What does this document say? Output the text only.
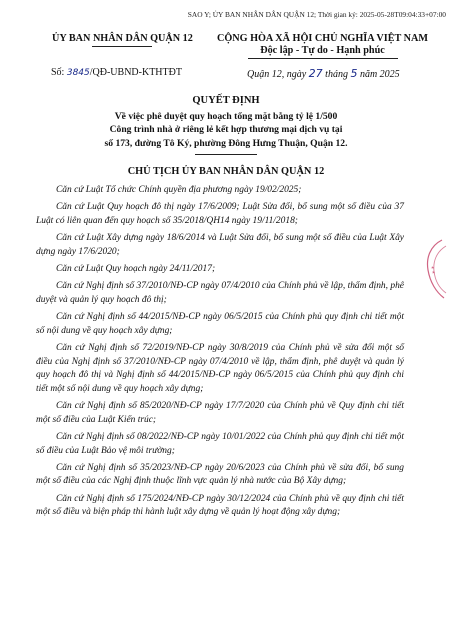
SAO Y; ỦY BAN NHÂN DÂN QUẬN 12; Thời gian ký: 2025-05-28T09:04:33+07:00
ỦY BAN NHÂN DÂN QUẬN 12 CỘNG HÒA XÃ HỘI CHỦ NGHĨA VIỆT NAM
Độc lập - Tự do - Hạnh phúc
Số: 3845/QĐ-UBND-KTHTĐT	Quận 12, ngày 27 tháng 5 năm 2025
QUYẾT ĐỊNH
Về việc phê duyệt quy hoạch tổng mặt bằng tỷ lệ 1/500
Công trình nhà ở riêng lẻ kết hợp thương mại dịch vụ tại
số 173, đường Tô Ký, phường Đông Hưng Thuận, Quận 12.
CHỦ TỊCH ỦY BAN NHÂN DÂN QUẬN 12

Căn cứ Luật Tổ chức Chính quyền địa phương ngày 19/02/2025;

Căn cứ Luật Quy hoạch đô thị ngày 17/6/2009; Luật Sửa đổi, bổ sung một số điều của 37 Luật có liên quan đến quy hoạch số 35/2018/QH14 ngày 19/11/2018;

Căn cứ Luật Xây dựng ngày 18/6/2014 và Luật Sửa đổi, bổ sung một số điều của Luật Xây dựng ngày 17/6/2020;

Căn cứ Luật Quy hoạch ngày 24/11/2017;

Căn cứ Nghị định số 37/2010/NĐ-CP ngày 07/4/2010 của Chính phủ về lập, thẩm định, phê duyệt và quản lý quy hoạch đô thị;

Căn cứ Nghị định số 44/2015/NĐ-CP ngày 06/5/2015 của Chính phủ quy định chi tiết một số nội dung về quy hoạch xây dựng;

Căn cứ Nghị định số 72/2019/NĐ-CP ngày 30/8/2019 của Chính phủ về sửa đổi một số điều của Nghị định số 37/2010/NĐ-CP ngày 07/4/2010 về lập, thẩm định, phê duyệt và quản lý quy hoạch đô thị và Nghị định số 44/2015/NĐ-CP ngày 06/5/2015 của Chính phủ quy định chi tiết một số nội dung về quy hoạch xây dựng;

Căn cứ Nghị định số 85/2020/NĐ-CP ngày 17/7/2020 của Chính phủ về Quy định chi tiết một số điều của Luật Kiến trúc;

Căn cứ Nghị định số 08/2022/NĐ-CP ngày 10/01/2022 của Chính phủ quy định chi tiết một số điều của Luật Bảo vệ môi trường;

Căn cứ Nghị định số 35/2023/NĐ-CP ngày 20/6/2023 của Chính phủ về sửa đổi, bổ sung một số điều của các Nghị định thuộc lĩnh vực quản lý nhà nước của Bộ Xây dựng;

Căn cứ Nghị định số 175/2024/NĐ-CP ngày 30/12/2024 của Chính phủ về quy định chi tiết một số điều và biện pháp thi hành luật xây dựng về quản lý hoạt động xây dựng;

★ ★
